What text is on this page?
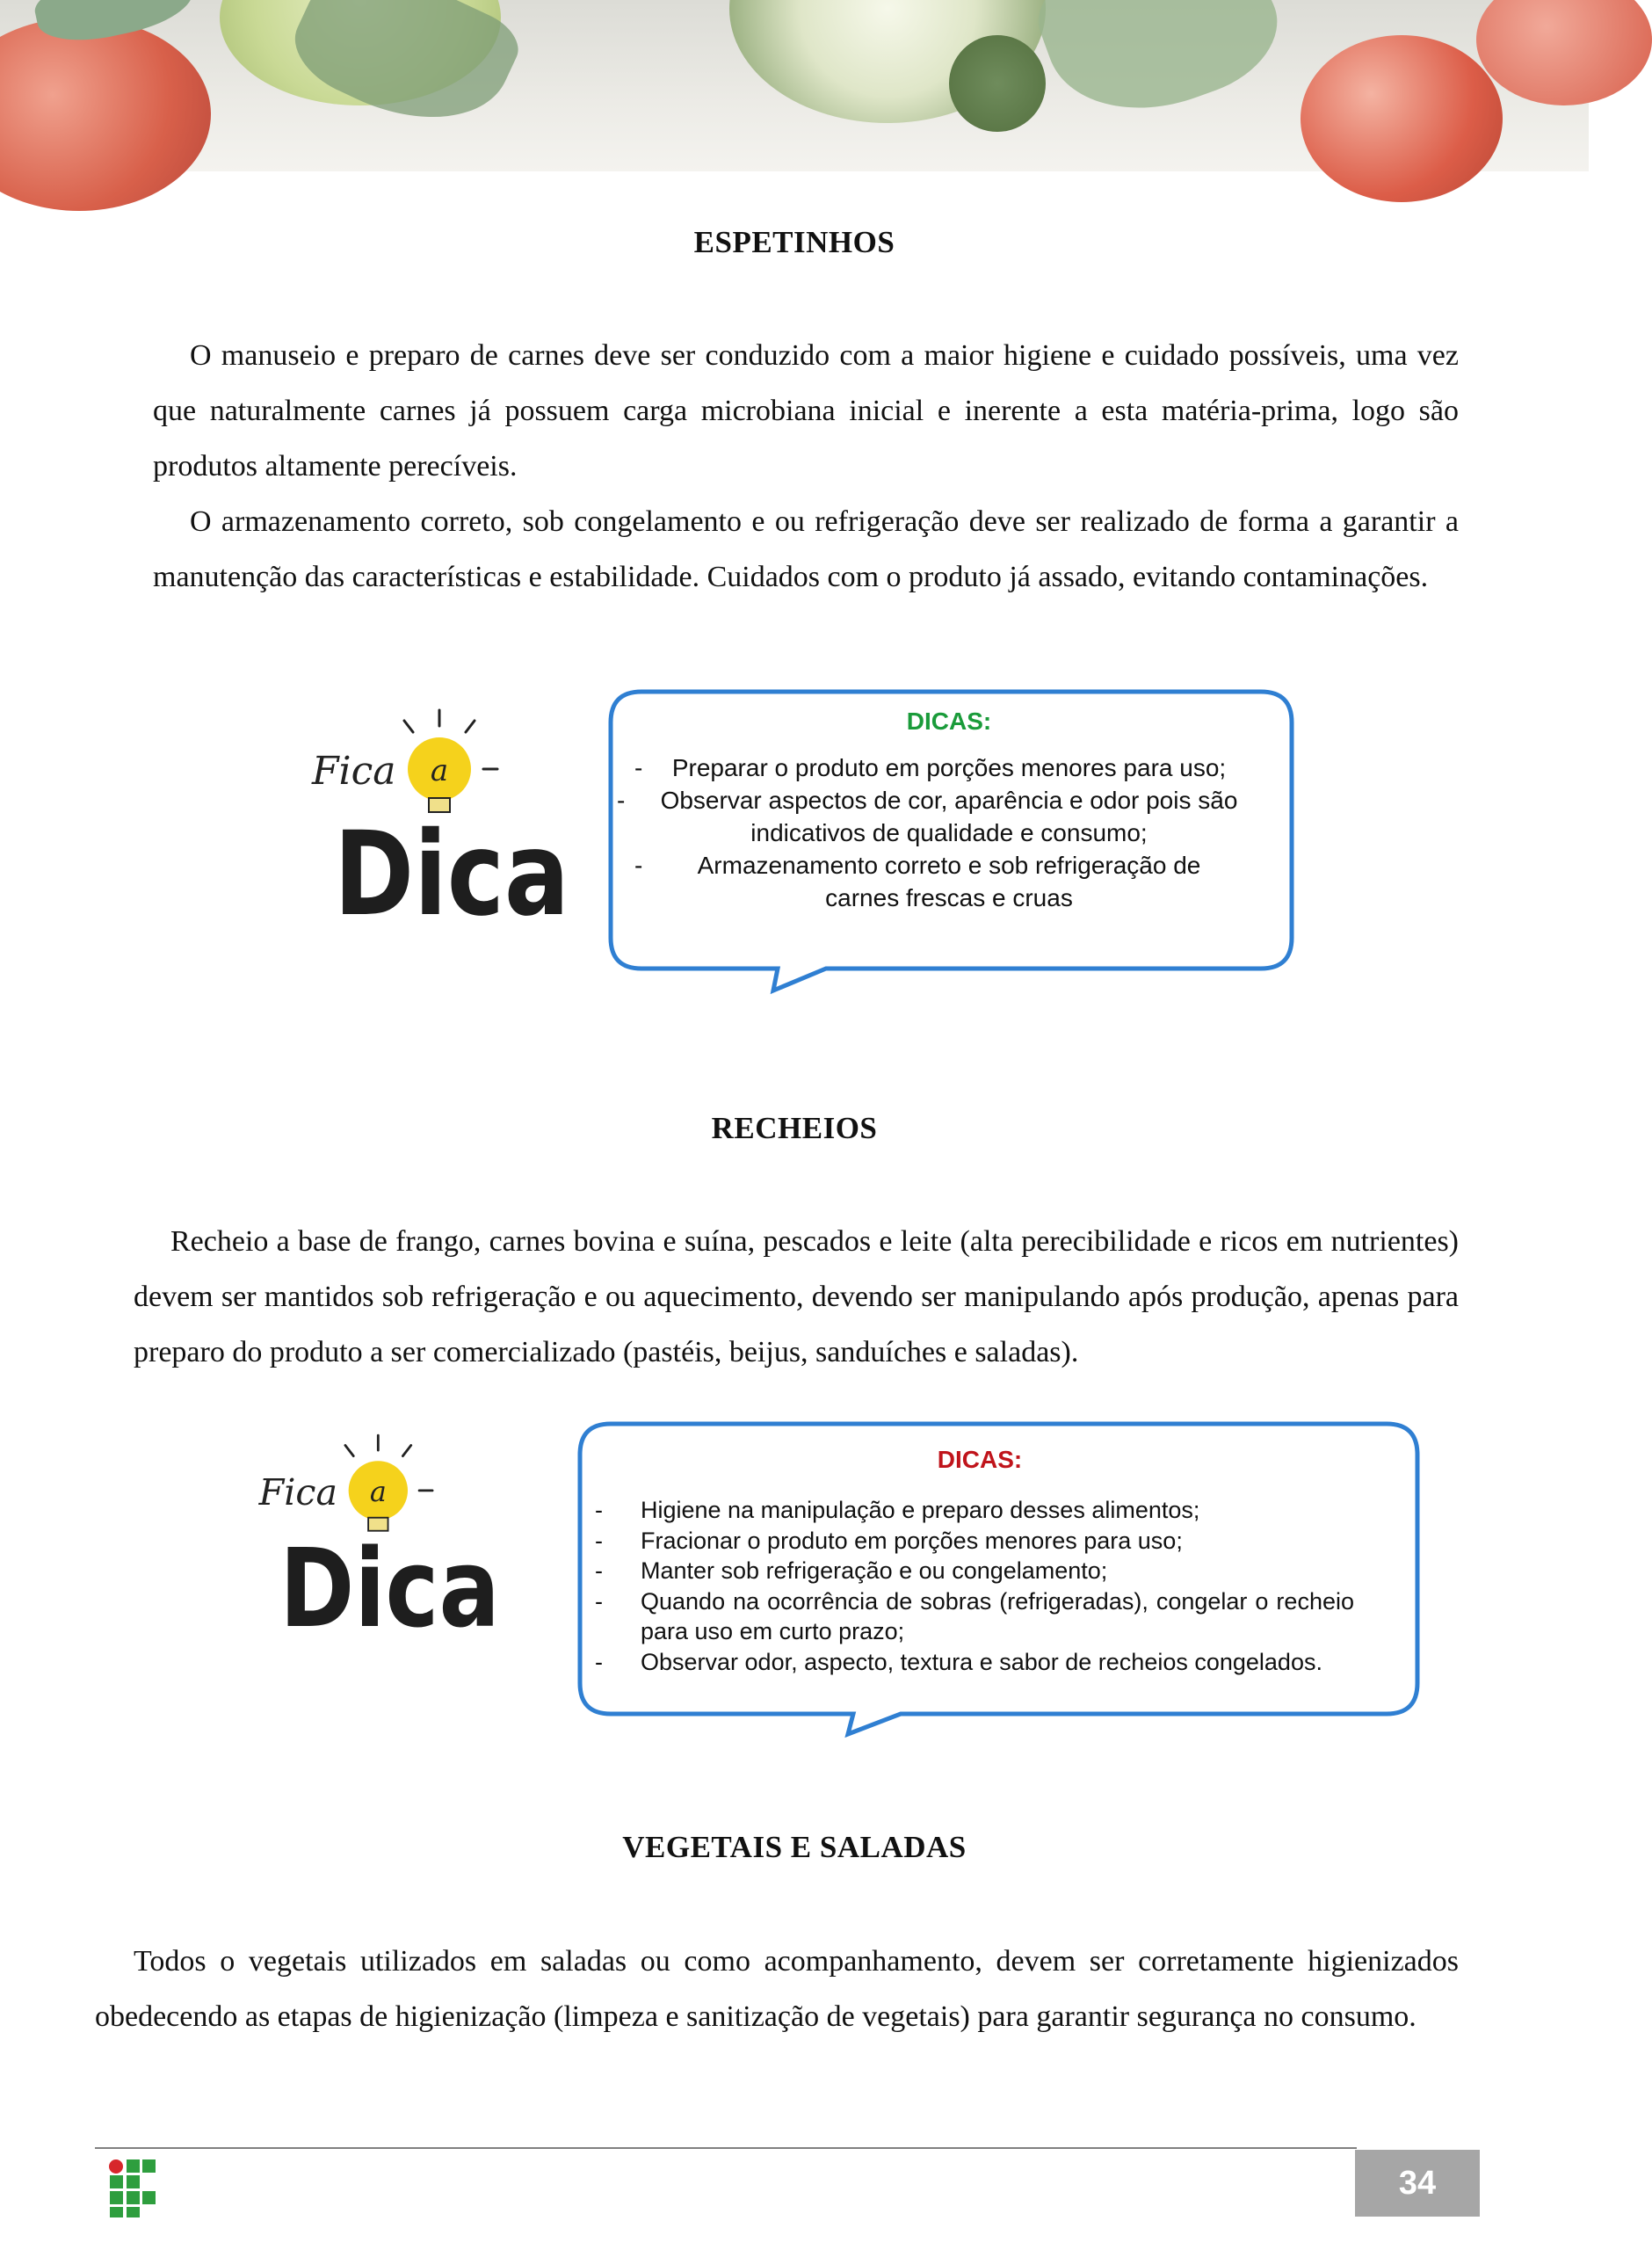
ESPETINHOS

O manuseio e preparo de carnes deve ser conduzido com a maior higiene e cuidado possíveis, uma vez que naturalmente carnes já possuem carga microbiana inicial e inerente a esta matéria-prima, logo são produtos altamente perecíveis.

O armazenamento correto, sob congelamento e ou refrigeração deve ser realizado de forma a garantir a manutenção das características e estabilidade. Cuidados com o produto já assado, evitando contaminações.

a
Fica
Dica
DICAS:
- Preparar o produto em porções menores para uso;
- Observar aspectos de cor, aparência e odor pois são indicativos de qualidade e consumo;
- Armazenamento correto e sob refrigeração de carnes frescas e cruas
RECHEIOS

Recheio a base de frango, carnes bovina e suína, pescados e leite (alta perecibilidade e ricos em nutrientes) devem ser mantidos sob refrigeração e ou aquecimento, devendo ser manipulando após produção, apenas para preparo do produto a ser comercializado (pastéis, beijus, sanduíches e saladas).

a
Fica
Dica
DICAS:
- Higiene na manipulação e preparo desses alimentos;
- Fracionar o produto em porções menores para uso;
- Manter sob refrigeração e ou congelamento;
- Quando na ocorrência de sobras (refrigeradas), congelar o recheio para uso em curto prazo;
- Observar odor, aspecto, textura e sabor de recheios congelados.
VEGETAIS E SALADAS

Todos o vegetais utilizados em saladas ou como acompanhamento, devem ser corretamente higienizados obedecendo as etapas de higienização (limpeza e sanitização de vegetais) para garantir segurança no consumo.

34
